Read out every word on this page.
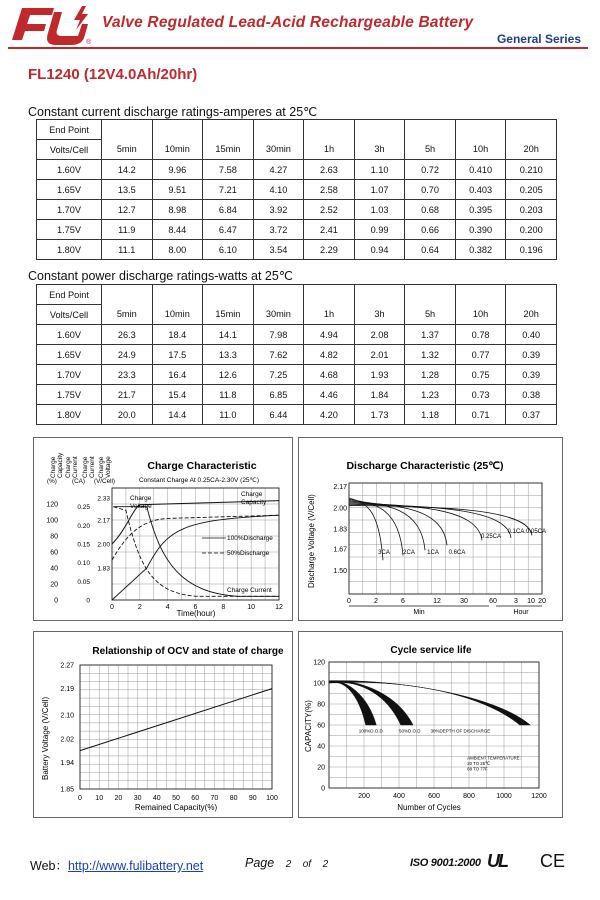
®
Valve Regulated Lead-Acid Rechargeable Battery
General Series
FL1240 (12V4.0Ah/20hr)
Constant current discharge ratings-amperes at 25℃
End Point									
Volts/Cell	5min	10min	15min	30min	1h	3h	5h	10h	20h
1.60V	14.2	9.96	7.58	4.27	2.63	1.10	0.72	0.410	0.210
1.65V	13.5	9.51	7.21	4.10	2.58	1.07	0.70	0.403	0.205
1.70V	12.7	8.98	6.84	3.92	2.52	1.03	0.68	0.395	0.203
1.75V	11.9	8.44	6.47	3.72	2.41	0.99	0.66	0.390	0.200
1.80V	11.1	8.00	6.10	3.54	2.29	0.94	0.64	0.382	0.196
Constant power discharge ratings-watts at 25℃
End Point									
Volts/Cell	5min	10min	15min	30min	1h	3h	5h	10h	20h
1.60V	26.3	18.4	14.1	7.98	4.94	2.08	1.37	0.78	0.40
1.65V	24.9	17.5	13.3	7.62	4.82	2.01	1.32	0.77	0.39
1.70V	23.3	16.4	12.6	7.25	4.68	1.93	1.28	0.75	0.39
1.75V	21.7	15.4	11.8	6.85	4.46	1.84	1.23	0.73	0.38
1.80V	20.0	14.4	11.0	6.44	4.20	1.73	1.18	0.71	0.37
Charge Characteristic
Constant Charge At 0.25CA-2.30V (25℃)
ChargeCapacity ChargeCurrent ChargeCurrent ChargeVoltage
(%) (CA) (V/Cell)
0	2	4	6	8	10	12
Time(hour)
0
20
40
60
80
100
120
0
0.05
0.10
0.15
0.20
0.25
1.83
2.00
2.17
2.33	Charge
Voltage
Charge
Capacity
100%Discharge
50%Discharge
Charge Current
Discharge Characteristic (25℃)
Discharge Voltage (V/Cell) 1.50
1.67
1.83
2.00
2.17
0	2	6	12	30	60 3 10 20
Min	Hour
3CA 2CA 1CA 0.6CA
0.25CA
0.1CA 0.05CA
Relationship of OCV and state of charge
Battery Voltage (V/Cell)
1.85
1.94
2.02
2.10
2.19
2.27
0 10 20 30 40 50 60 70 80 90 100
Remained Capacity(%)
Cycle service life
CAPACITY(%)
0
20
40
60
80
100
120
200	400	600	800	1000	1200
Number of Cycles
100%D.O.D	50%D.O.D 30%DEPTH OF DISCHARGE
AMBIENT TEMPERATURE:
20 TO 25℃
68 TO 77F
Web：http://www.fulibattery.net	Page 2 of 2	ISO 9001:2000 UL CE
